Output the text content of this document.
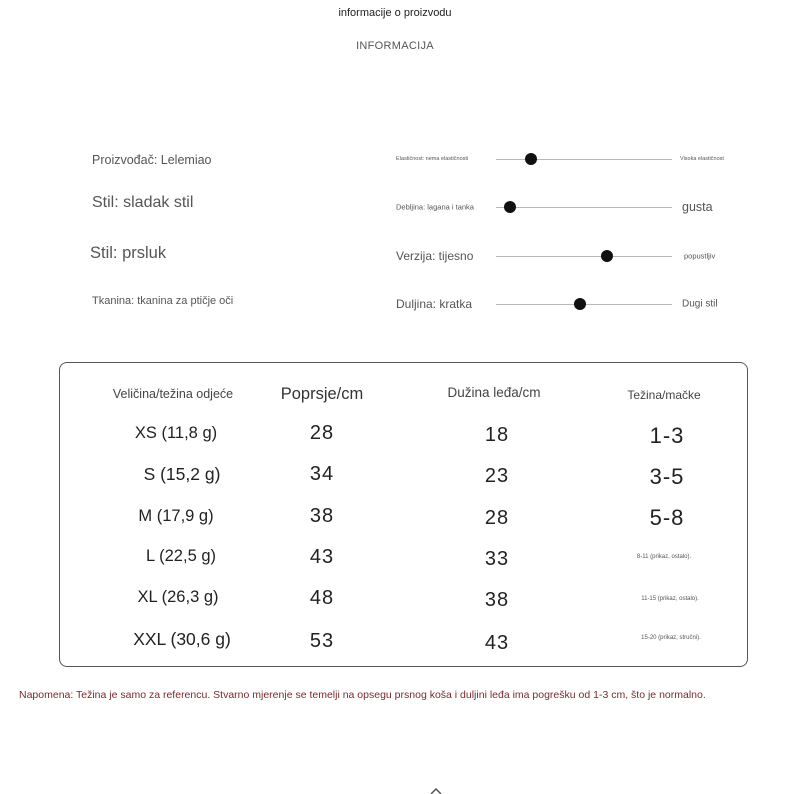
informacije o proizvodu
INFORMACIJA
Proizvođač: Lelemiao
Stil: sladak stil
Stil: prsluk
Tkanina: tkanina za ptičje oči
Elastičnost: nema elastičnosti	Visoka elastičnost
Debljina: lagana i tanka	gusta
Verzija: tijesno	popustljiv
Duljina: kratka	Dugi stil
Veličina/težina odjeće	Poprsje/cm	Dužina leđa/cm	Težina/mačke
XS (11,8 g)	28	18	1-3
S (15,2 g)	34	23	3-5
M (17,9 g)	38	28	5-8
L (22,5 g)	43	33	8-11 (prikaz, ostalo).
XL (26,3 g)	48	38	11-15 (prikaz, ostalo).
XXL (30,6 g)	53	43	15-20 (prikaz, stručni).
Napomena: Težina je samo za referencu. Stvarno mjerenje se temelji na opsegu prsnog koša i duljini leđa ima pogrešku od 1-3 cm, što je normalno.
